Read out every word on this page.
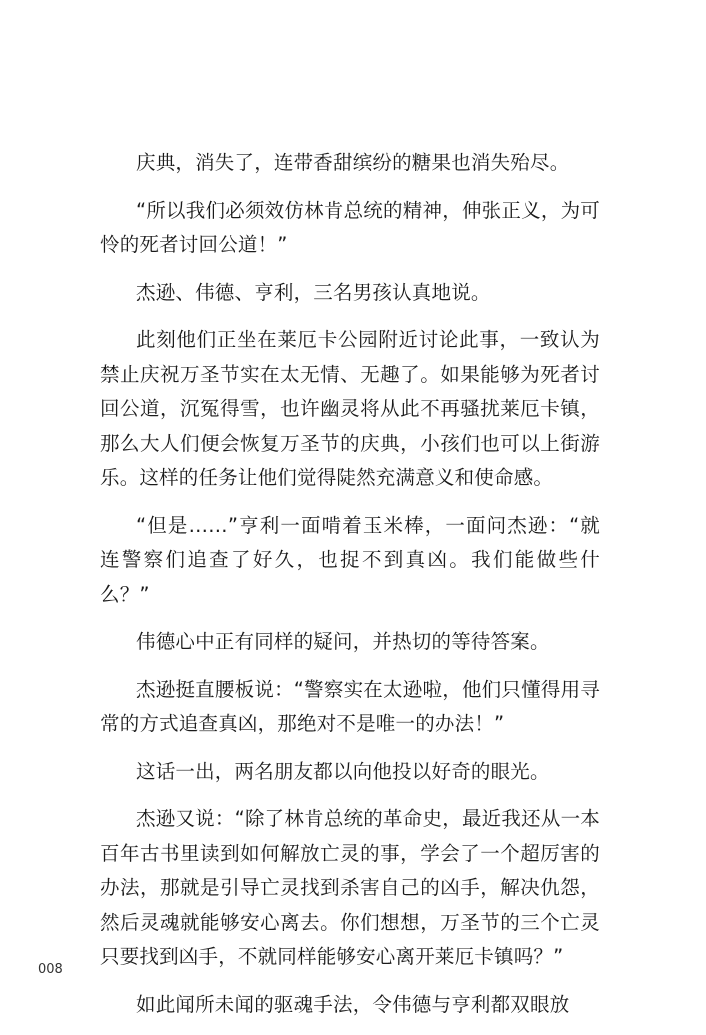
庆典，消失了，连带香甜缤纷的糖果也消失殆尽。

“所以我们必须效仿林肯总统的精神，伸张正义，为可怜的死者讨回公道！”

杰逊、伟德、亨利，三名男孩认真地说。

此刻他们正坐在莱厄卡公园附近讨论此事，一致认为禁止庆祝万圣节实在太无情、无趣了。如果能够为死者讨回公道，沉冤得雪，也许幽灵将从此不再骚扰莱厄卡镇，那么大人们便会恢复万圣节的庆典，小孩们也可以上街游乐。这样的任务让他们觉得陡然充满意义和使命感。

“但是……”亨利一面啃着玉米棒，一面问杰逊：“就连警察们追查了好久，也捉不到真凶。我们能做些什么？”

伟德心中正有同样的疑问，并热切的等待答案。

杰逊挺直腰板说：“警察实在太逊啦，他们只懂得用寻常的方式追查真凶，那绝对不是唯一的办法！”

这话一出，两名朋友都以向他投以好奇的眼光。

杰逊又说：“除了林肯总统的革命史，最近我还从一本百年古书里读到如何解放亡灵的事，学会了一个超厉害的办法，那就是引导亡灵找到杀害自己的凶手，解决仇怨，然后灵魂就能够安心离去。你们想想，万圣节的三个亡灵只要找到凶手，不就同样能够安心离开莱厄卡镇吗？”

如此闻所未闻的驱魂手法，令伟德与亨利都双眼放

008
